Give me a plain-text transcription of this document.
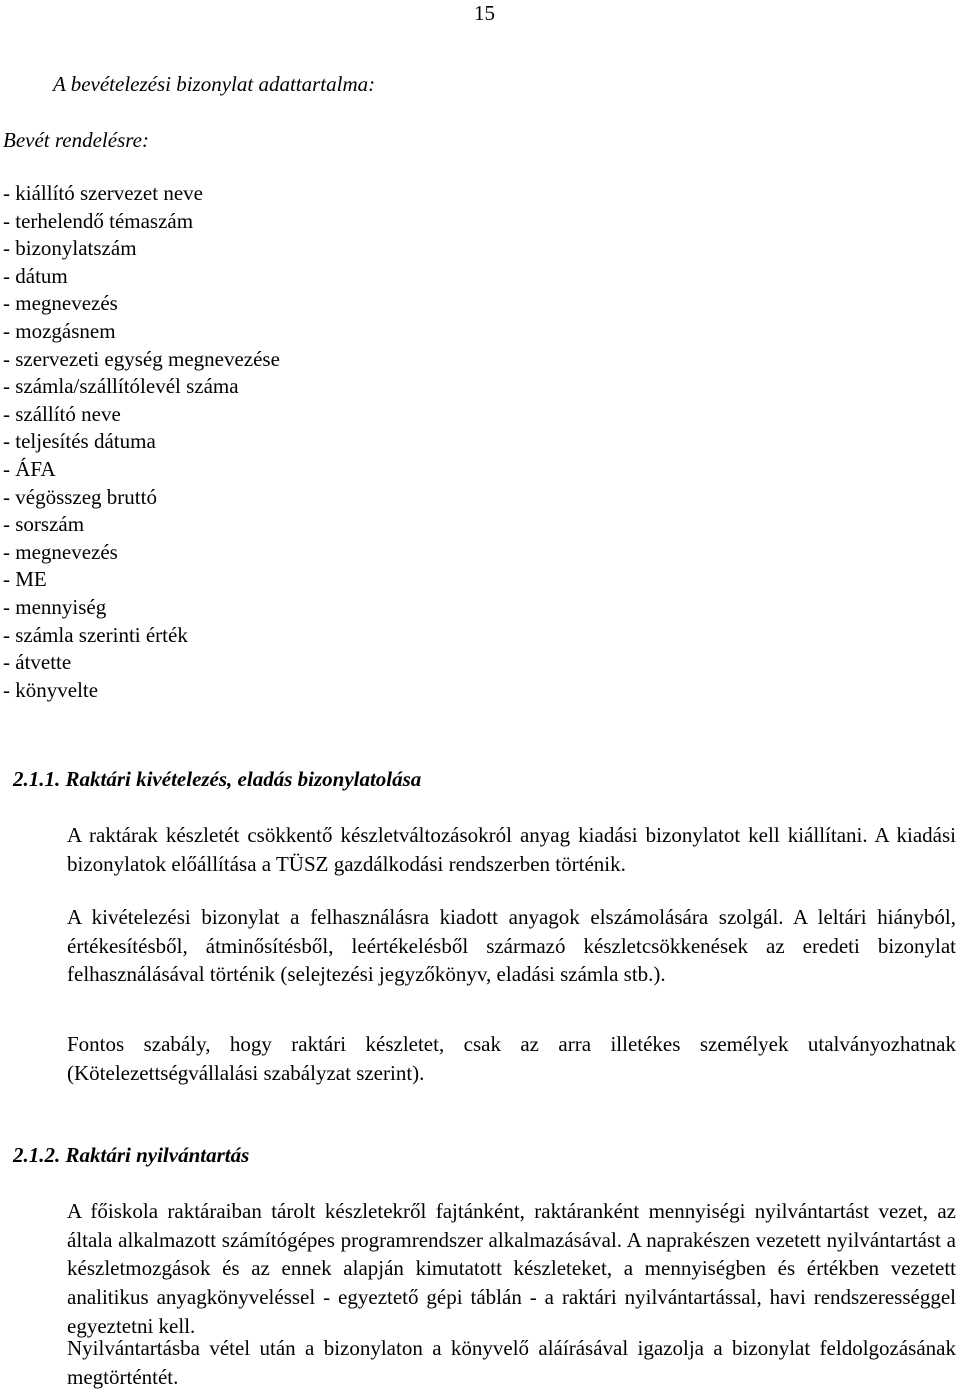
15
A bevételezési bizonylat adattartalma:
Bevét rendelésre:
- kiállító szervezet neve
- terhelendő témaszám
- bizonylatszám
- dátum
- megnevezés
- mozgásnem
- szervezeti egység megnevezése
- számla/szállítólevél száma
- szállító neve
- teljesítés dátuma
- ÁFA
- végösszeg bruttó
- sorszám
- megnevezés
- ME
- mennyiség
- számla szerinti érték
- átvette
- könyvelte
2.1.1. Raktári kivételezés, eladás bizonylatolása

A raktárak készletét csökkentő készletváltozásokról anyag kiadási bizonylatot kell kiállítani. A kiadási bizonylatok előállítása a TÜSZ gazdálkodási rendszerben történik.

A kivételezési bizonylat a felhasználásra kiadott anyagok elszámolására szolgál. A leltári hiányból, értékesítésből, átminősítésből, leértékelésből származó készletcsökkenések az eredeti bizonylat felhasználásával történik (selejtezési jegyzőkönyv, eladási számla stb.).

Fontos szabály, hogy raktári készletet, csak az arra illetékes személyek utalványozhatnak (Kötelezettségvállalási szabályzat szerint).

2.1.2. Raktári nyilvántartás

A főiskola raktáraiban tárolt készletekről fajtánként, raktáranként mennyiségi nyilvántartást vezet, az általa alkalmazott számítógépes programrendszer alkalmazásával. A naprakészen vezetett nyilvántartást a készletmozgások és az ennek alapján kimutatott készleteket, a mennyiségben és értékben vezetett analitikus anyagkönyveléssel - egyeztető gépi táblán - a raktári nyilvántartással, havi rendszerességgel egyeztetni kell.

Nyilvántartásba vétel után a bizonylaton a könyvelő aláírásával igazolja a bizonylat feldolgozásának megtörténtét.
